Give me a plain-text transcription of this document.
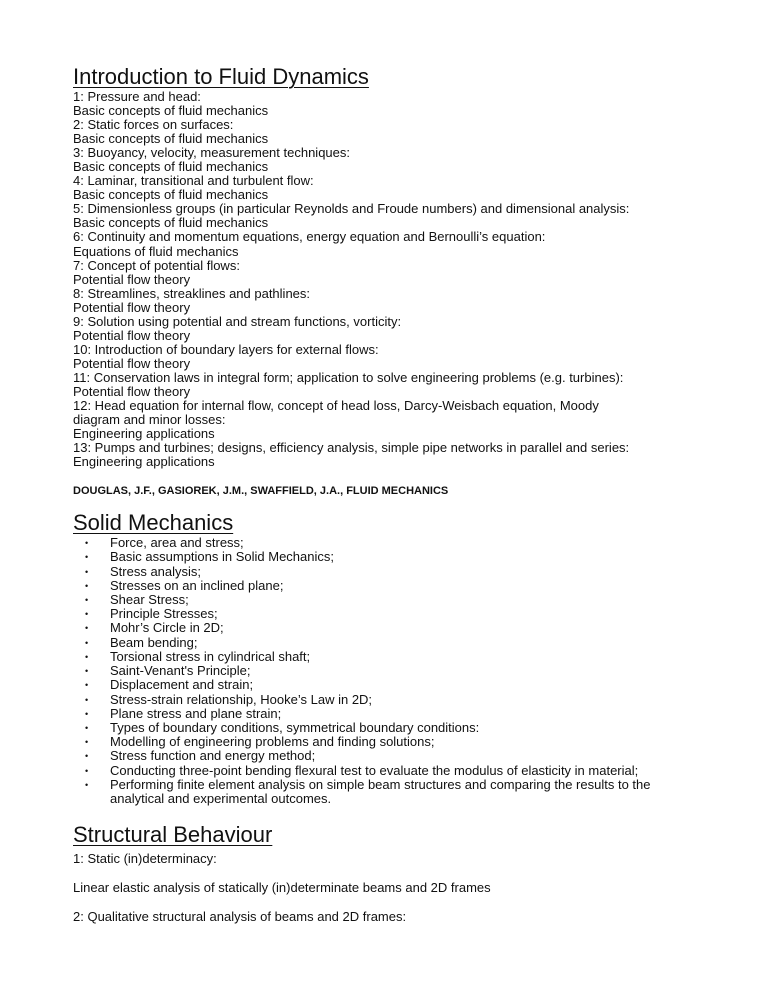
Introduction to Fluid Dynamics

1: Pressure and head:

Basic concepts of fluid mechanics

2: Static forces on surfaces:

Basic concepts of fluid mechanics

3: Buoyancy, velocity, measurement techniques:

Basic concepts of fluid mechanics

4: Laminar, transitional and turbulent flow:

Basic concepts of fluid mechanics

5: Dimensionless groups (in particular Reynolds and Froude numbers) and dimensional analysis:

Basic concepts of fluid mechanics

6: Continuity and momentum equations, energy equation and Bernoulli’s equation:

Equations of fluid mechanics

7: Concept of potential flows:

Potential flow theory

8: Streamlines, streaklines and pathlines:

Potential flow theory

9: Solution using potential and stream functions, vorticity:

Potential flow theory

10: Introduction of boundary layers for external flows:

Potential flow theory

11: Conservation laws in integral form; application to solve engineering problems (e.g. turbines):

Potential flow theory

12: Head equation for internal flow, concept of head loss, Darcy-Weisbach equation, Moody

diagram and minor losses:

Engineering applications

13: Pumps and turbines; designs, efficiency analysis, simple pipe networks in parallel and series:

Engineering applications

DOUGLAS, J.F., GASIOREK, J.M., SWAFFIELD, J.A., FLUID MECHANICS

Solid Mechanics
• Force, area and stress;
• Basic assumptions in Solid Mechanics;
• Stress analysis;
• Stresses on an inclined plane;
• Shear Stress;
• Principle Stresses;
• Mohr’s Circle in 2D;
• Beam bending;
• Torsional stress in cylindrical shaft;
• Saint-Venant's Principle;
• Displacement and strain;
• Stress-strain relationship, Hooke’s Law in 2D;
• Plane stress and plane strain;
• Types of boundary conditions, symmetrical boundary conditions:
• Modelling of engineering problems and finding solutions;
• Stress function and energy method;
• Conducting three-point bending flexural test to evaluate the modulus of elasticity in material;
• Performing finite element analysis on simple beam structures and comparing the results to the analytical and experimental outcomes.
Structural Behaviour

1: Static (in)determinacy:

Linear elastic analysis of statically (in)determinate beams and 2D frames

2: Qualitative structural analysis of beams and 2D frames:
